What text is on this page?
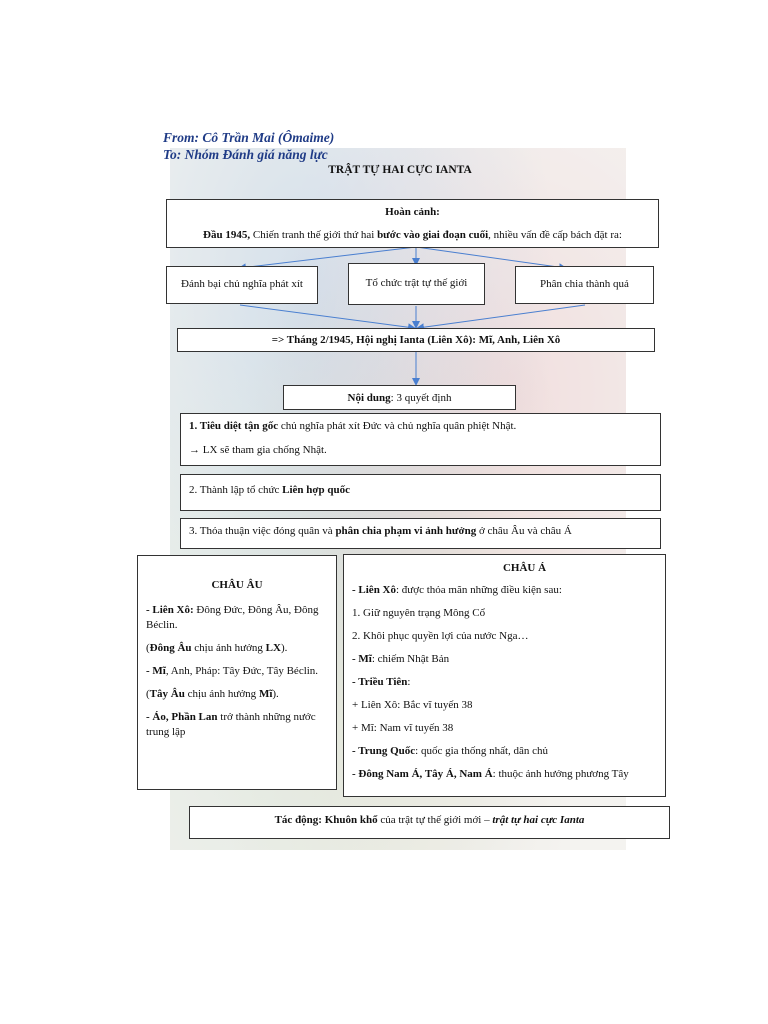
From: Cô Trần Mai (Ômaime)
To: Nhóm Đánh giá năng lực
TRẬT TỰ HAI CỰC IANTA

Hoàn cảnh:

Đầu 1945, Chiến tranh thế giới thứ hai bước vào giai đoạn cuối, nhiều vấn đề cấp bách đặt ra:

Đánh bại chủ nghĩa phát xít	Tổ chức trật tự thế giới	Phân chia thành quả
=> Tháng 2/1945, Hội nghị Ianta (Liên Xô): Mĩ, Anh, Liên Xô
Nội dung: 3 quyết định

1. Tiêu diệt tận gốc chủ nghĩa phát xít Đức và chủ nghĩa quân phiệt Nhật.

→ LX sẽ tham gia chống Nhật.

2. Thành lập tổ chức Liên hợp quốc
3. Thỏa thuận việc đóng quân và phân chia phạm vi ảnh hưởng ở châu Âu và châu Á

CHÂU ÂU

- Liên Xô: Đông Đức, Đông Âu, Đông Béclin.

(Đông Âu chịu ảnh hưởng LX).

- Mĩ, Anh, Pháp: Tây Đức, Tây Béclin.

(Tây Âu chịu ảnh hưởng Mĩ).

- Áo, Phần Lan trở thành những nước trung lập

CHÂU Á

- Liên Xô: được thỏa mãn những điều kiện sau:

1. Giữ nguyên trạng Mông Cổ

2. Khôi phục quyền lợi của nước Nga…

- Mĩ: chiếm Nhật Bản

- Triều Tiên:

+ Liên Xô: Bắc vĩ tuyến 38

+ Mĩ: Nam vĩ tuyến 38

- Trung Quốc: quốc gia thống nhất, dân chủ

- Đông Nam Á, Tây Á, Nam Á: thuộc ảnh hưởng phương Tây

Tác động: Khuôn khổ của trật tự thế giới mới – trật tự hai cực Ianta
